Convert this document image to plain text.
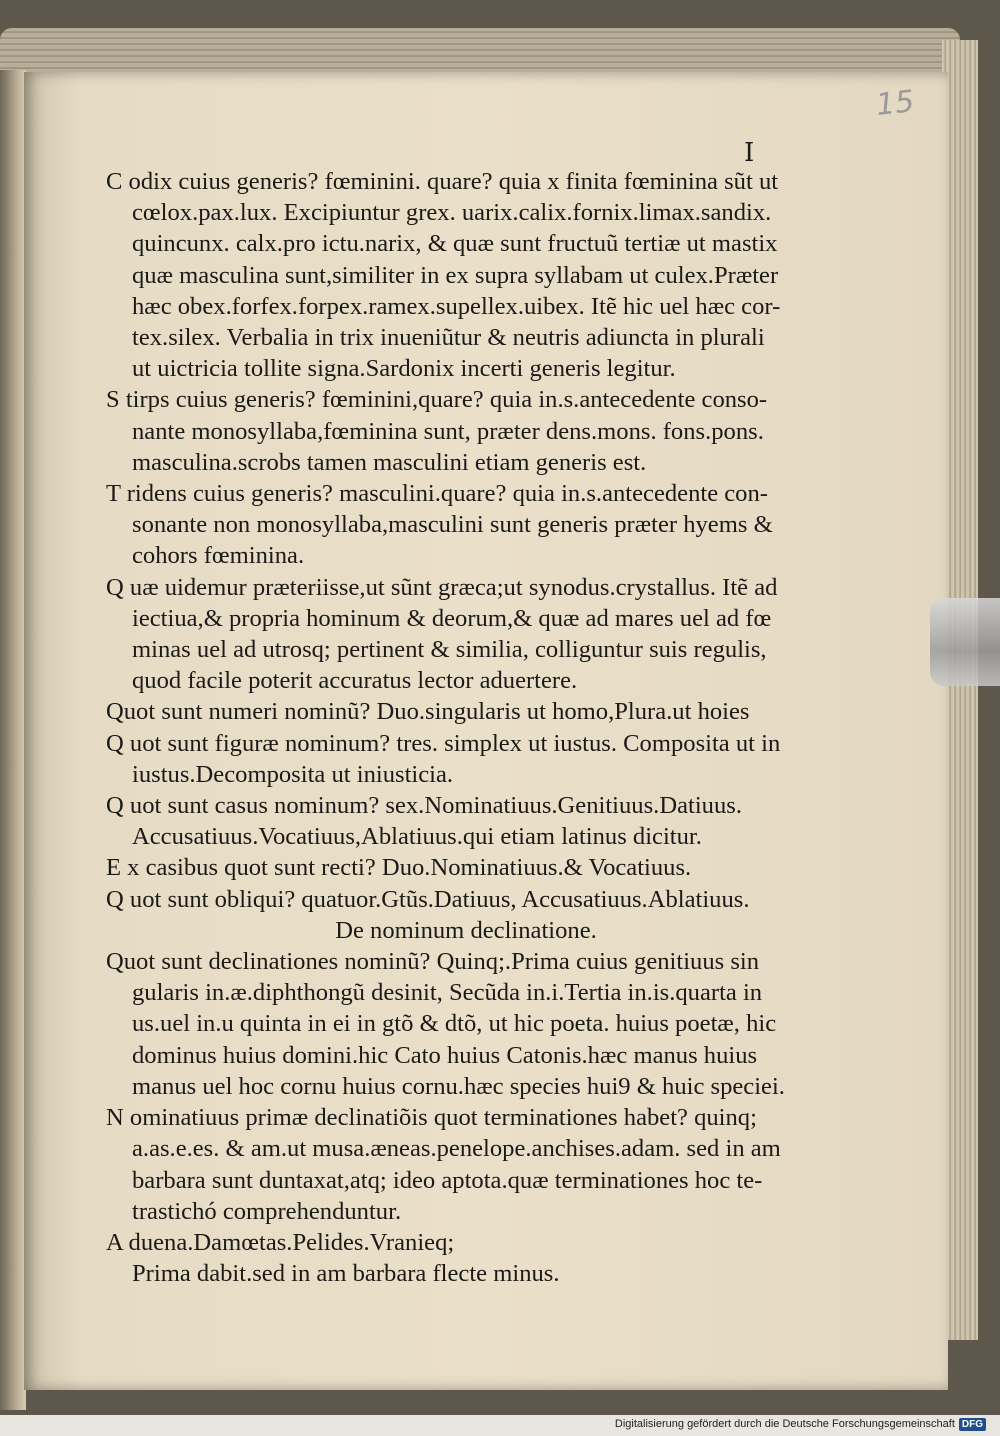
15
I
C odix cuius generis? fœminini. quare? quia x finita fœminina sũt ut
cœlox.pax.lux. Excipiuntur grex. uarix.calix.fornix.limax.sandix.
quincunx. calx.pro ictu.narix, & quæ sunt fructuũ tertiæ ut mastix
quæ masculina sunt,similiter in ex supra syllabam ut culex.Præter
hæc obex.forfex.forpex.ramex.supellex.uibex. Itẽ hic uel hæc cor-
tex.silex. Verbalia in trix inueniũtur & neutris adiuncta in plurali
ut uictricia tollite signa.Sardonix incerti generis legitur.
S tirps cuius generis? fœminini,quare? quia in.s.antecedente conso-
nante monosyllaba,fœminina sunt, præter dens.mons. fons.pons.
masculina.scrobs tamen masculini etiam generis est.
T ridens cuius generis? masculini.quare? quia in.s.antecedente con-
sonante non monosyllaba,masculini sunt generis præter hyems &
cohors fœminina.
Q uæ uidemur præteriisse,ut sũnt græca;ut synodus.crystallus. Itẽ ad
iectiua,& propria hominum & deorum,& quæ ad mares uel ad fœ
minas uel ad utrosq; pertinent & similia, colliguntur suis regulis,
quod facile poterit accuratus lector aduertere.
Quot sunt numeri nominũ? Duo.singularis ut homo,Plura.ut hoies
Q uot sunt figuræ nominum? tres. simplex ut iustus. Composita ut in
iustus.Decomposita ut iniusticia.
Q uot sunt casus nominum? sex.Nominatiuus.Genitiuus.Datiuus.
Accusatiuus.Vocatiuus,Ablatiuus.qui etiam latinus dicitur.
E x casibus quot sunt recti? Duo.Nominatiuus.& Vocatiuus.
Q uot sunt obliqui? quatuor.Gtũs.Datiuus, Accusatiuus.Ablatiuus.
De nominum declinatione.
Quot sunt declinationes nominũ? Quinq;.Prima cuius genitiuus sin
gularis in.æ.diphthongũ desinit, Secũda in.i.Tertia in.is.quarta in
us.uel in.u quinta in ei in gtõ & dtõ, ut hic poeta. huius poetæ, hic
dominus huius domini.hic Cato huius Catonis.hæc manus huius
manus uel hoc cornu huius cornu.hæc species hui9 & huic speciei.
N ominatiuus primæ declinatiõis quot terminationes habet? quinq;
a.as.e.es. & am.ut musa.æneas.penelope.anchises.adam. sed in am
barbara sunt duntaxat,atq; ideo aptota.quæ terminationes hoc te-
trastichó comprehenduntur.
A duena.Damœtas.Pelides.Vranieq;
Prima dabit.sed in am barbara flecte minus.
Digitalisierung gefördert durch die Deutsche Forschungsgemeinschaft DFG
